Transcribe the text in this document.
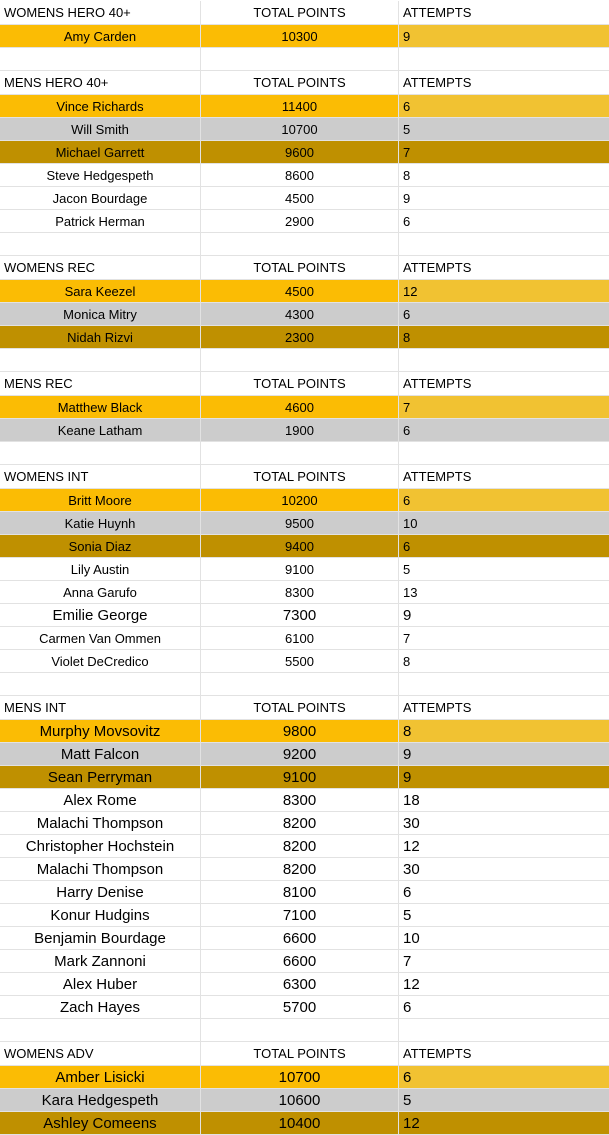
WOMENS HERO 40+	TOTAL POINTS	ATTEMPTS
Amy Carden	10300	9
MENS HERO 40+	TOTAL POINTS	ATTEMPTS
Vince Richards	11400	6
Will Smith	10700	5
Michael Garrett	9600	7
Steve Hedgespeth	8600	8
Jacon Bourdage	4500	9
Patrick Herman	2900	6
WOMENS REC	TOTAL POINTS	ATTEMPTS
Sara Keezel	4500	12
Monica Mitry	4300	6
Nidah Rizvi	2300	8
MENS REC	TOTAL POINTS	ATTEMPTS
Matthew Black	4600	7
Keane Latham	1900	6
WOMENS INT	TOTAL POINTS	ATTEMPTS
Britt Moore	10200	6
Katie Huynh	9500	10
Sonia Diaz	9400	6
Lily Austin	9100	5
Anna Garufo	8300	13
Emilie George	7300	9
Carmen Van Ommen	6100	7
Violet DeCredico	5500	8
MENS INT	TOTAL POINTS	ATTEMPTS
Murphy Movsovitz	9800	8
Matt Falcon	9200	9
Sean Perryman	9100	9
Alex Rome	8300	18
Malachi Thompson	8200	30
Christopher Hochstein	8200	12
Malachi Thompson	8200	30
Harry Denise	8100	6
Konur Hudgins	7100	5
Benjamin Bourdage	6600	10
Mark Zannoni	6600	7
Alex Huber	6300	12
Zach Hayes	5700	6
WOMENS ADV	TOTAL POINTS	ATTEMPTS
Amber Lisicki	10700	6
Kara Hedgespeth	10600	5
Ashley Comeens	10400	12
